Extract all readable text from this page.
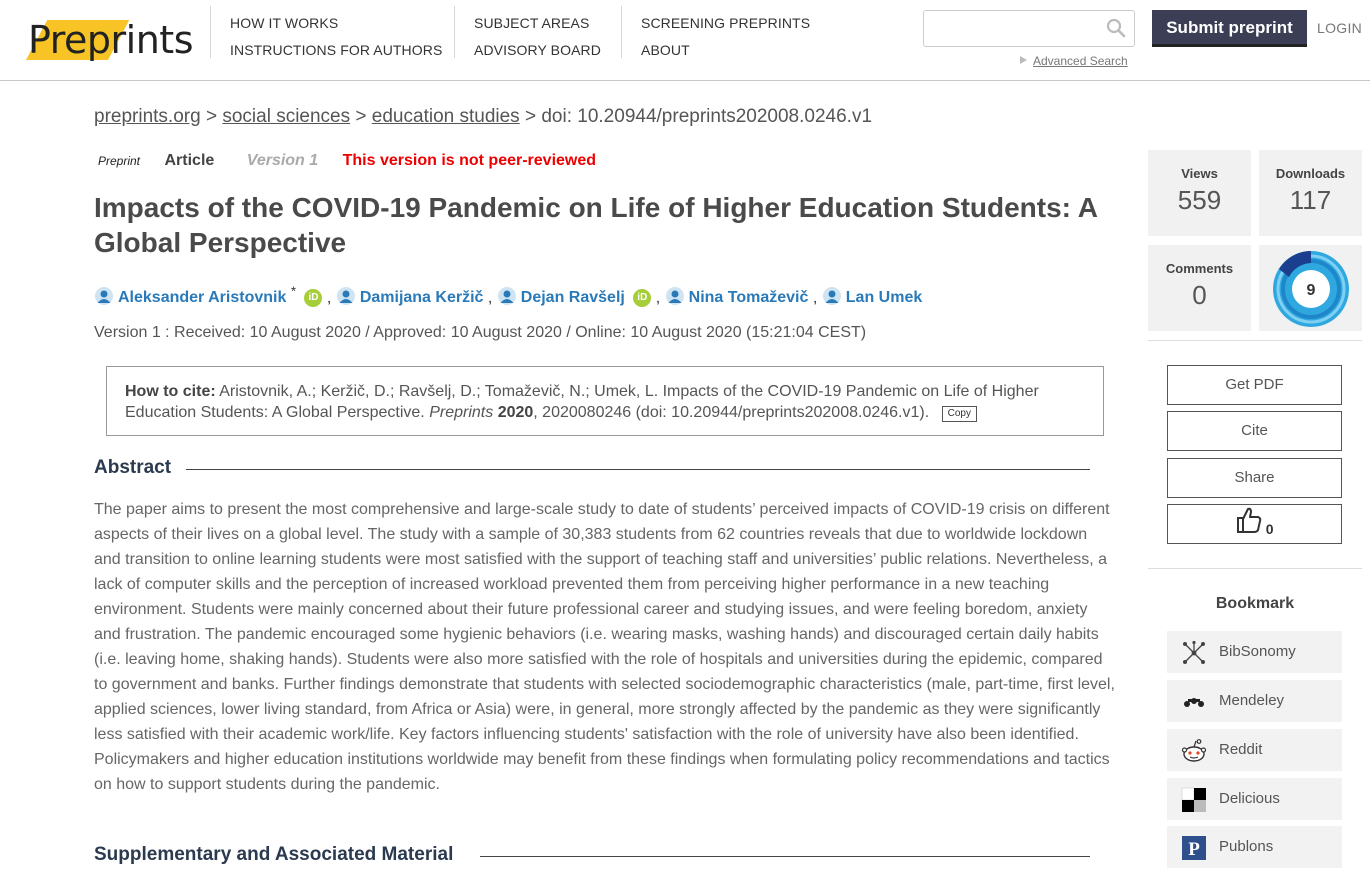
Preprints	HOW IT WORKS
INSTRUCTIONS FOR AUTHORS
SUBJECT AREAS
ADVISORY BOARD
SCREENING PREPRINTS
ABOUT
Advanced Search
Submit preprint	LOGIN
preprints.org > social sciences > education studies > doi: 10.20944/preprints202008.0246.v1
Preprint Article Version 1 This version is not peer-reviewed
Impacts of the COVID-19 Pandemic on Life of Higher Education Students: A Global Perspective
Aleksander Aristovnik * iD , Damijana Keržič , Dejan Ravšelj iD , Nina Tomaževič , Lan Umek
Version 1 : Received: 10 August 2020 / Approved: 10 August 2020 / Online: 10 August 2020 (15:21:04 CEST)
How to cite: Aristovnik, A.; Keržič, D.; Ravšelj, D.; Tomaževič, N.; Umek, L. Impacts of the COVID-19 Pandemic on Life of Higher Education Students: A Global Perspective. Preprints 2020, 2020080246 (doi: 10.20944/preprints202008.0246.v1). Copy
Abstract

The paper aims to present the most comprehensive and large-scale study to date of students’ perceived impacts of COVID-19 crisis on different aspects of their lives on a global level. The study with a sample of 30,383 students from 62 countries reveals that due to worldwide lockdown and transition to online learning students were most satisfied with the support of teaching staff and universities’ public relations. Nevertheless, a lack of computer skills and the perception of increased workload prevented them from perceiving higher performance in a new teaching environment. Students were mainly concerned about their future professional career and studying issues, and were feeling boredom, anxiety and frustration. The pandemic encouraged some hygienic behaviors (i.e. wearing masks, washing hands) and discouraged certain daily habits (i.e. leaving home, shaking hands). Students were also more satisfied with the role of hospitals and universities during the epidemic, compared to government and banks. Further findings demonstrate that students with selected sociodemographic characteristics (male, part-time, first level, applied sciences, lower living standard, from Africa or Asia) were, in general, more strongly affected by the pandemic as they were significantly less satisfied with their academic work/life. Key factors influencing students' satisfaction with the role of university have also been identified. Policymakers and higher education institutions worldwide may benefit from these findings when formulating policy recommendations and tactics on how to support students during the pandemic.

Supplementary and Associated Material
Views
559
Downloads
117
Comments
0	9
Get PDF
Cite
Share
0
Bookmark
BibSonomy
Mendeley
Reddit
Delicious
P Publons
